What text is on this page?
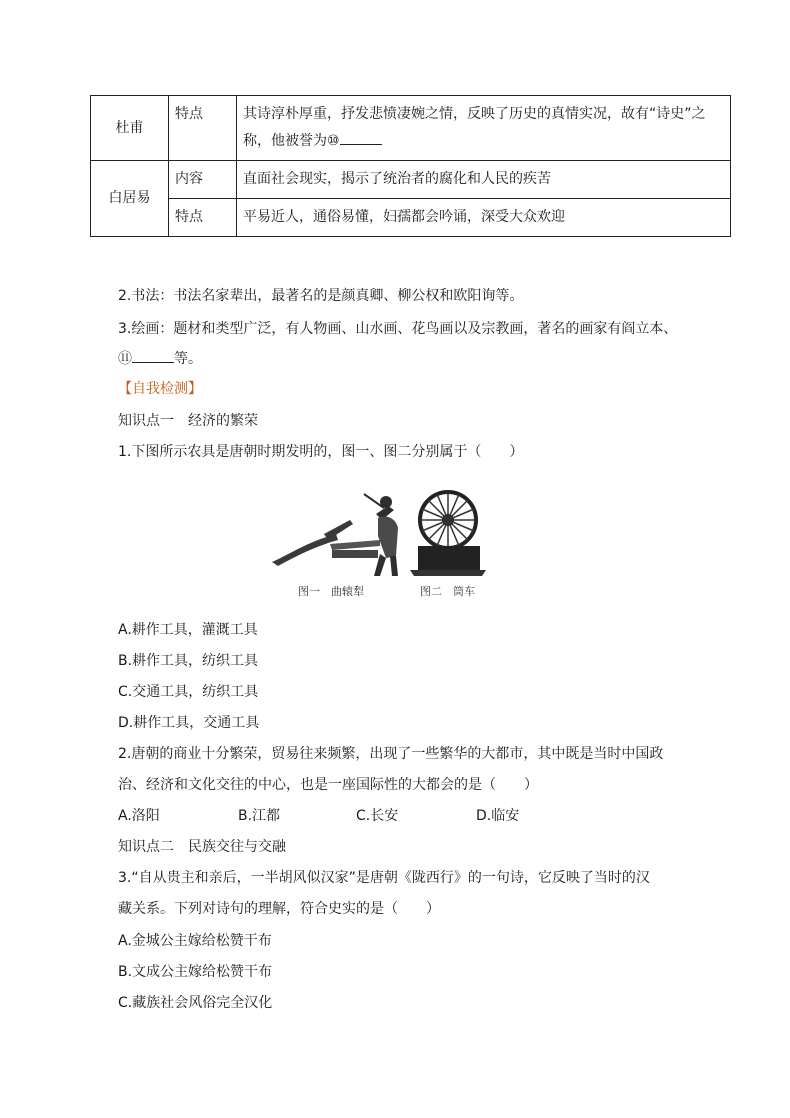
杜甫	特点	其诗淳朴厚重，抒发悲愤凄婉之情，反映了历史的真情实况，故有“诗史”之
称，他被誉为⑩
白居易	内容	直面社会现实，揭示了统治者的腐化和人民的疾苦
	特点	平易近人，通俗易懂，妇孺都会吟诵，深受大众欢迎
2.书法：书法名家辈出，最著名的是颜真卿、柳公权和欧阳询等。
3.绘画：题材和类型广泛，有人物画、山水画、花鸟画以及宗教画，著名的画家有阎立本、
⑪	等。
【自我检测】
知识点一　经济的繁荣
1.下图所示农具是唐朝时期发明的，图一、图二分别属于（　　）
图一　曲辕犁	图二　筒车
A.耕作工具，灌溉工具
B.耕作工具，纺织工具
C.交通工具，纺织工具
D.耕作工具，交通工具
2.唐朝的商业十分繁荣，贸易往来频繁，出现了一些繁华的大都市，其中既是当时中国政
治、经济和文化交往的中心，也是一座国际性的大都会的是（　　）
A.洛阳	B.江都	C.长安	D.临安
知识点二　民族交往与交融
3.“自从贵主和亲后，一半胡风似汉家”是唐朝《陇西行》的一句诗，它反映了当时的汉
藏关系。下列对诗句的理解，符合史实的是（　　）
A.金城公主嫁给松赞干布
B.文成公主嫁给松赞干布
C.藏族社会风俗完全汉化
